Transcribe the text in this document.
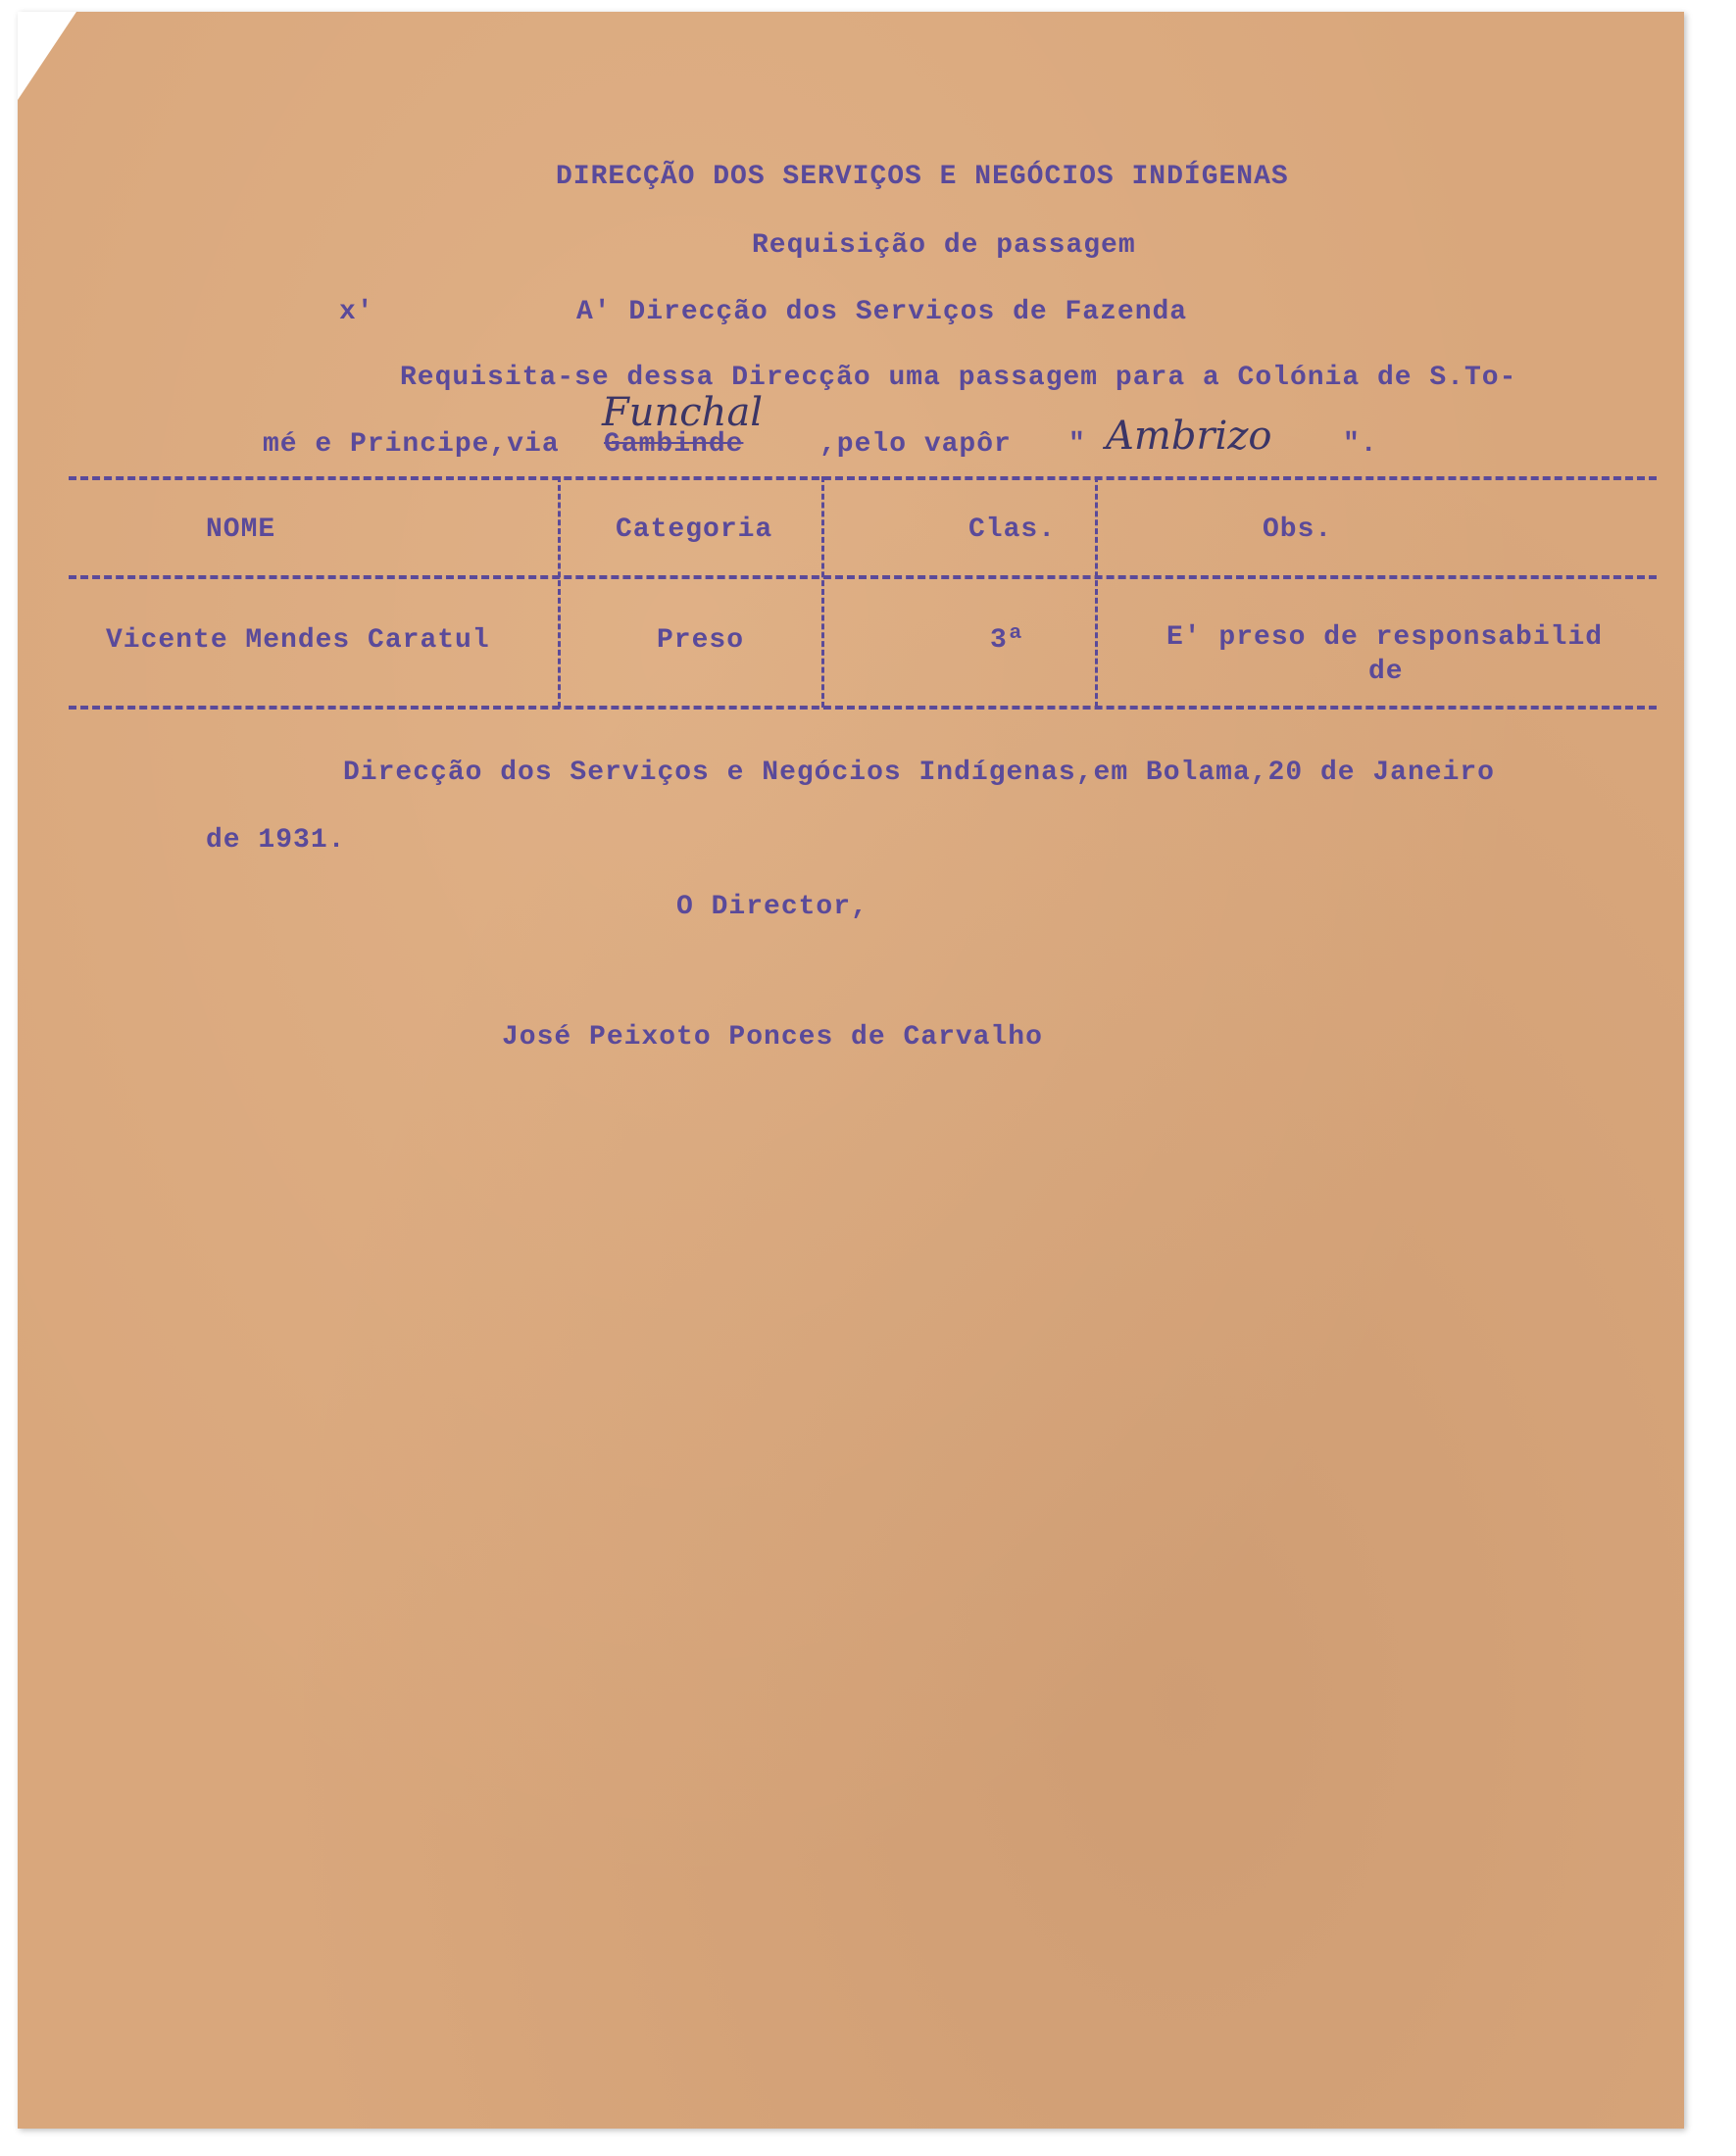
DIRECÇÃO DOS SERVIÇOS E NEGÓCIOS INDÍGENAS
Requisição de passagem
x'	A' Direcção dos Serviços de Fazenda
Requisita-se dessa Direcção uma passagem para a Colónia de S.To-
mé e Principe,via Gambinde
Funchal
,pelo vapôr " Ambrizo	".
NOME	Categoria	Clas.	Obs.
Vicente Mendes Caratul	Preso	3ª	E' preso de responsabilid
de
Direcção dos Serviços e Negócios Indígenas,em Bolama,20 de Janeiro
de 1931.
O Director,
José Peixoto Ponces de Carvalho
